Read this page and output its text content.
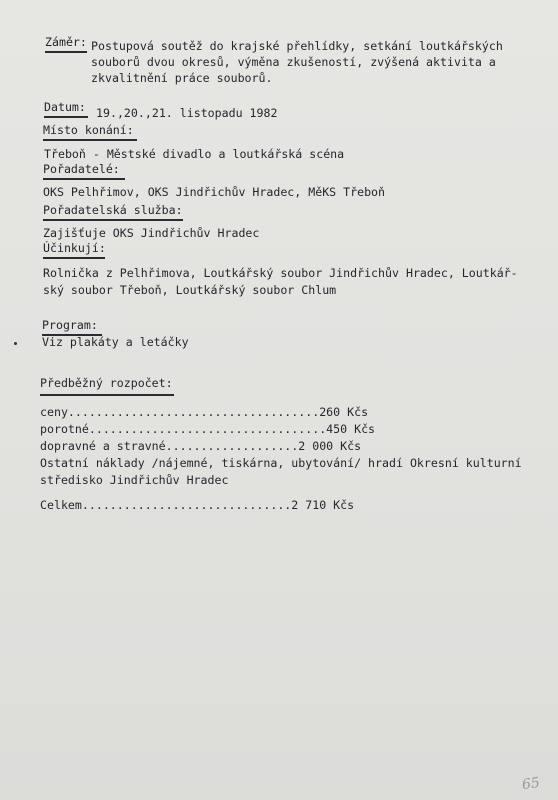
Záměr: Postupová soutěž do krajské přehlídky, setkání loutkářských
souborů dvou okresů, výměna zkušeností, zvýšená aktivita a
zkvalitnění práce souborů.
Datum: 19.,20.,21. listopadu 1982
Místo konání:
Třeboň - Městské divadlo a loutkářská scéna
Pořadatelé:
OKS Pelhřimov, OKS Jindřichův Hradec, MěKS Třeboň
Pořadatelská služba:
Zajišťuje OKS Jindřichův Hradec
Účinkují:
Rolnička z Pelhřimova, Loutkářský soubor Jindřichův Hradec, Loutkář-
ský soubor Třeboň, Loutkářský soubor Chlum
Program:
Viz plakáty a letáčky
Předběžný rozpočet:
ceny....................................260 Kčs
porotné..................................450 Kčs
dopravné a stravné...................2 000 Kčs
Ostatní náklady /nájemné, tiskárna, ubytování/ hradí Okresní kulturní
středisko Jindřichův Hradec
Celkem..............................2 710 Kčs
65
